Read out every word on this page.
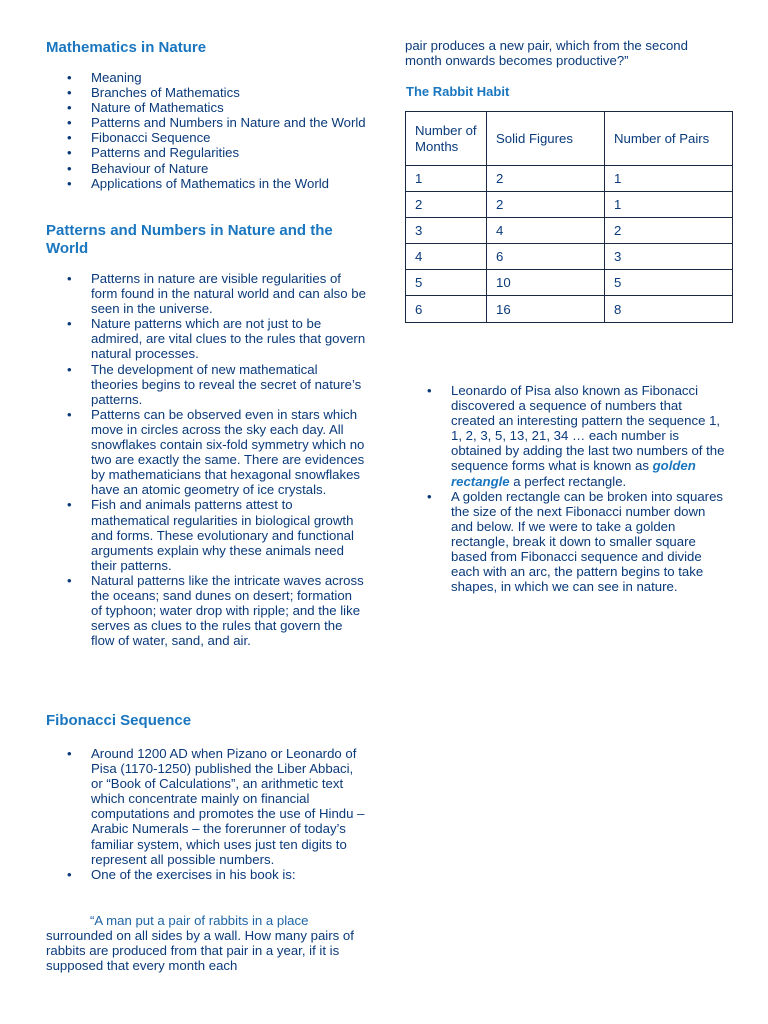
Mathematics in Nature
• Meaning
• Branches of Mathematics
• Nature of Mathematics
• Patterns and Numbers in Nature and the World
• Fibonacci Sequence
• Patterns and Regularities
• Behaviour of Nature
• Applications of Mathematics in the World
Patterns and Numbers in Nature and the World
• Patterns in nature are visible regularities of form found in the natural world and can also be seen in the universe.
• Nature patterns which are not just to be admired, are vital clues to the rules that govern natural processes.
• The development of new mathematical theories begins to reveal the secret of nature’s patterns.
• Patterns can be observed even in stars which move in circles across the sky each day. All snowflakes contain six-fold symmetry which no two are exactly the same. There are evidences by mathematicians that hexagonal snowflakes have an atomic geometry of ice crystals.
• Fish and animals patterns attest to mathematical regularities in biological growth and forms. These evolutionary and functional arguments explain why these animals need their patterns.
• Natural patterns like the intricate waves across the oceans; sand dunes on desert; formation of typhoon; water drop with ripple; and the like serves as clues to the rules that govern the flow of water, sand, and air.
Fibonacci Sequence
• Around 1200 AD when Pizano or Leonardo of Pisa (1170-1250) published the Liber Abbaci, or “Book of Calculations”, an arithmetic text which concentrate mainly on financial computations and promotes the use of Hindu – Arabic Numerals – the forerunner of today’s familiar system, which uses just ten digits to represent all possible numbers.
• One of the exercises in his book is:
“A man put a pair of rabbits in a place
surrounded on all sides by a wall. How many pairs of rabbits are produced from that pair in a year, if it is supposed that every month each
pair produces a new pair, which from the second month onwards becomes productive?”
The Rabbit Habit
Number of Months	Solid Figures	Number of Pairs
1	2	1
2	2	1
3	4	2
4	6	3
5	10	5
6	16	8
• Leonardo of Pisa also known as Fibonacci discovered a sequence of numbers that created an interesting pattern the sequence 1, 1, 2, 3, 5, 13, 21, 34 … each number is obtained by adding the last two numbers of the sequence forms what is known as golden rectangle a perfect rectangle.
• A golden rectangle can be broken into squares the size of the next Fibonacci number down and below. If we were to take a golden rectangle, break it down to smaller square based from Fibonacci sequence and divide each with an arc, the pattern begins to take shapes, in which we can see in nature.
